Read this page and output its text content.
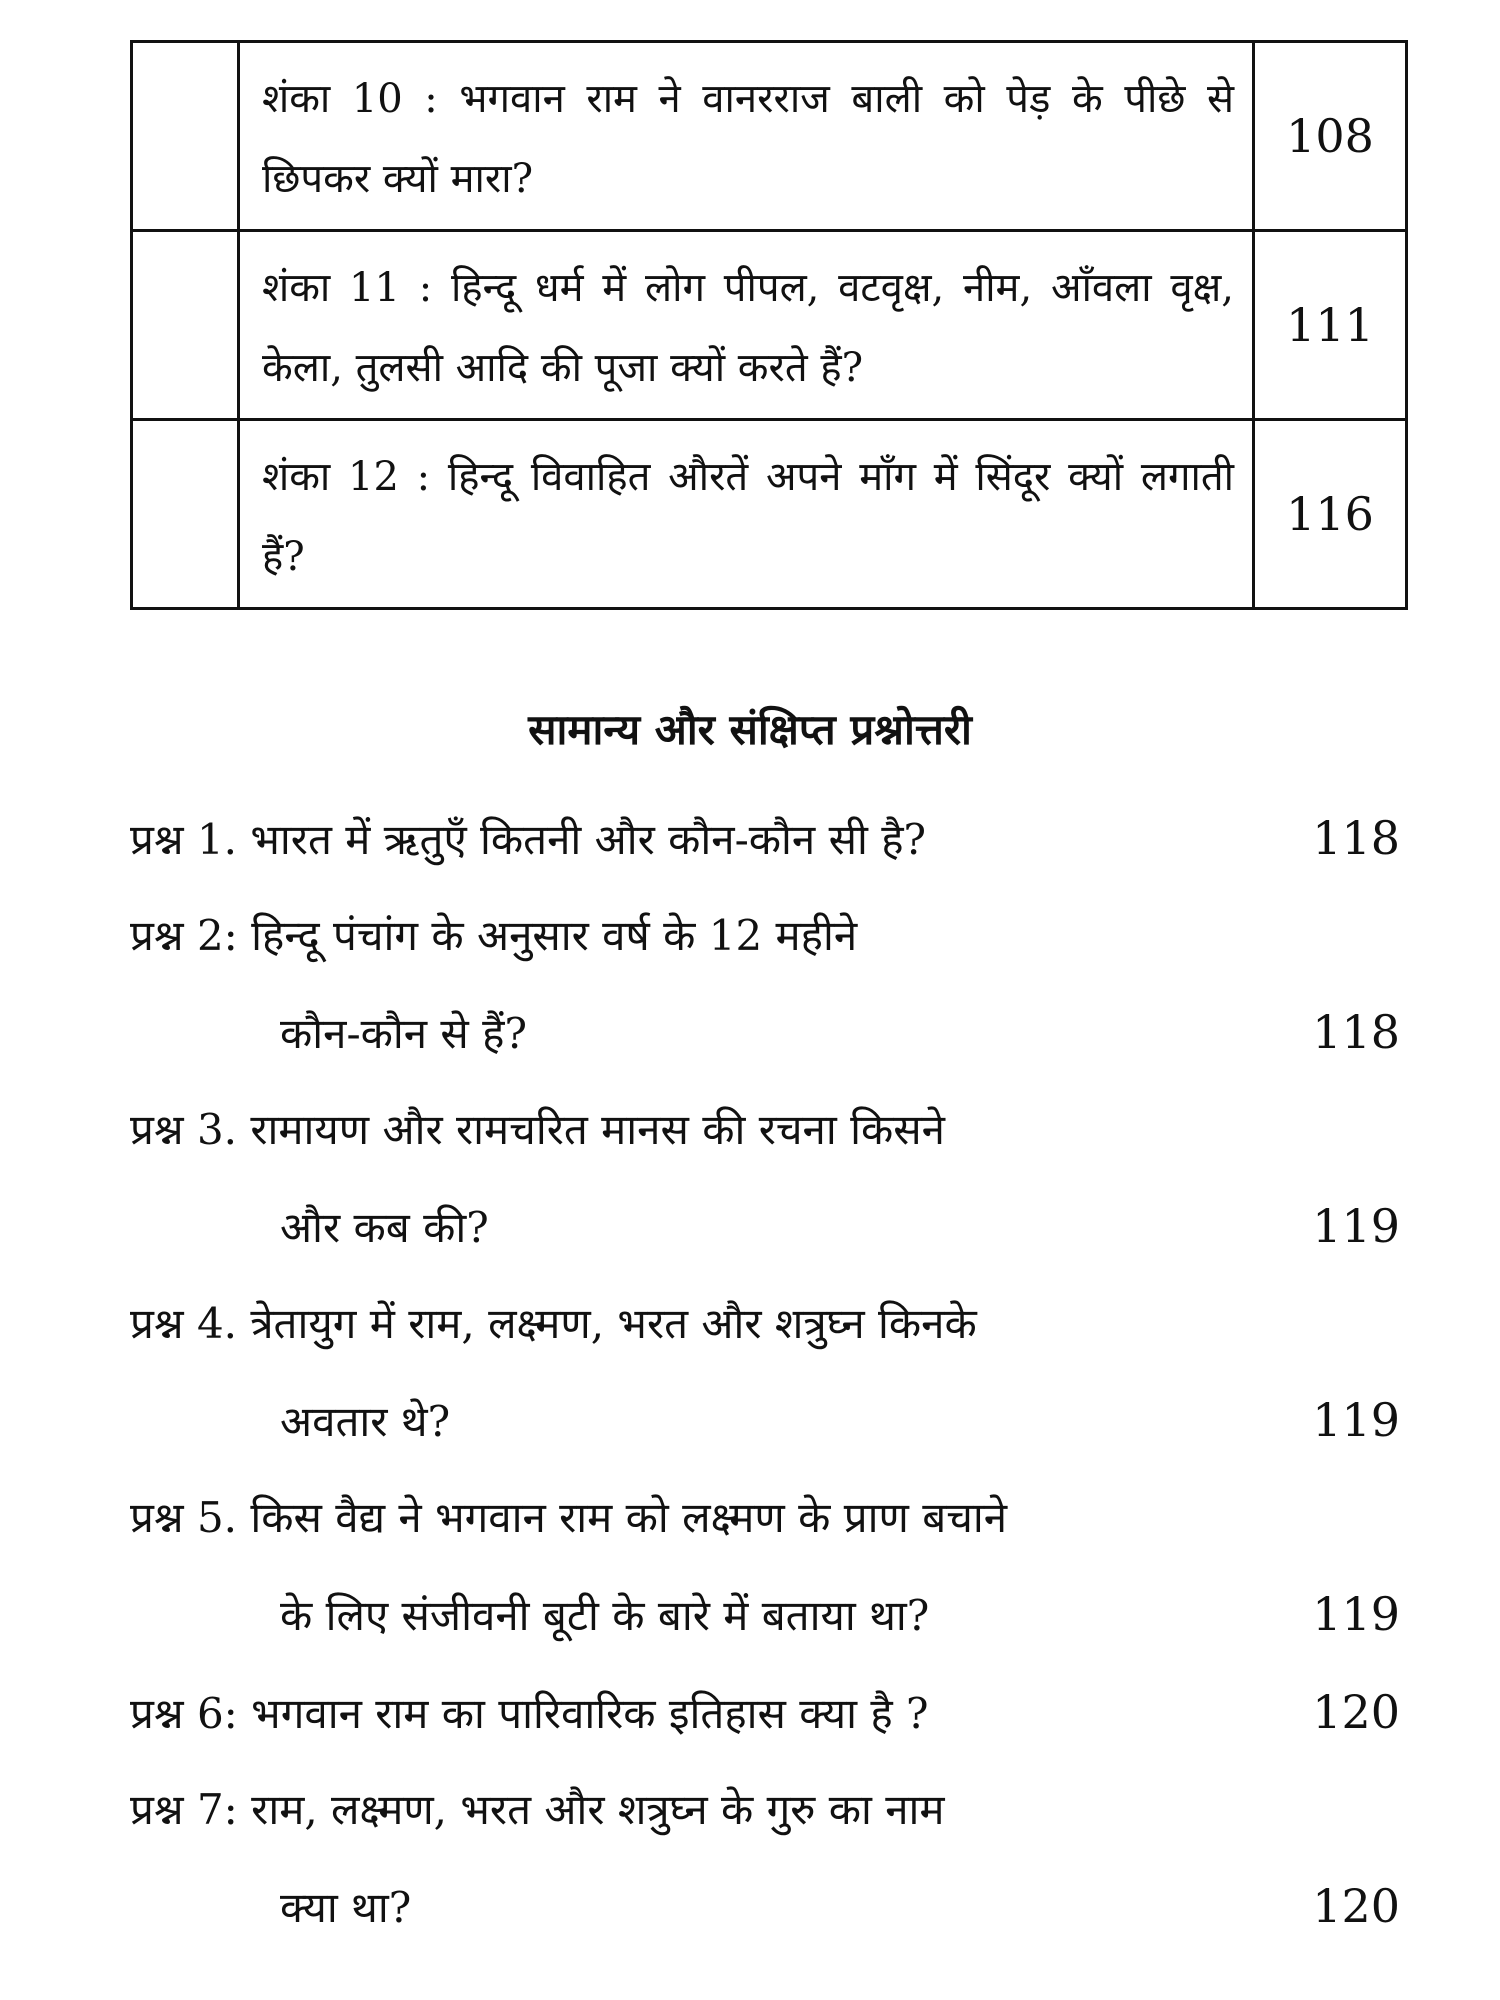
	शंका 10 : भगवान राम ने वानरराज बाली को पेड़ के पीछे से छिपकर क्यों मारा?	108
	शंका 11 : हिन्दू धर्म में लोग पीपल, वटवृक्ष, नीम, आँवला वृक्ष, केला, तुलसी आदि की पूजा क्यों करते हैं?	111
	शंका 12 : हिन्दू विवाहित औरतें अपने माँग में सिंदूर क्यों लगाती हैं?	116
सामान्य और संक्षिप्त प्रश्नोत्तरी
प्रश्न 1. भारत में ऋतुएँ कितनी और कौन-कौन सी है?	118
प्रश्न 2: हिन्दू पंचांग के अनुसार वर्ष के 12 महीने
कौन-कौन से हैं?	118
प्रश्न 3. रामायण और रामचरित मानस की रचना किसने
और कब की?	119
प्रश्न 4. त्रेतायुग में राम, लक्ष्मण, भरत और शत्रुघ्न किनके
अवतार थे?	119
प्रश्न 5. किस वैद्य ने भगवान राम को लक्ष्मण के प्राण बचाने
के लिए संजीवनी बूटी के बारे में बताया था?	119
प्रश्न 6: भगवान राम का पारिवारिक इतिहास क्या है ?	120
प्रश्न 7: राम, लक्ष्मण, भरत और शत्रुघ्न के गुरु का नाम
क्या था?	120
